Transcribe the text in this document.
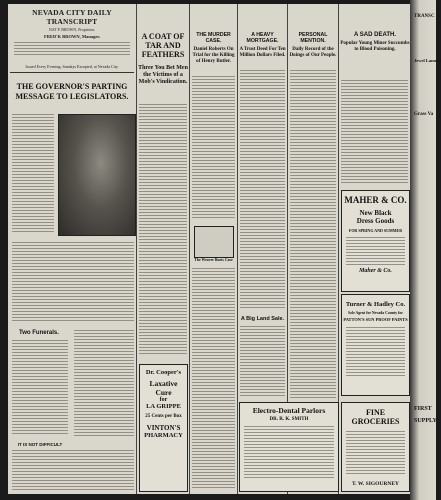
NEVADA CITY DAILY TRANSCRIPT
NAT P. BROWN, Proprietor.
FRED'K BROWN, Manager.
Issued Every Evening, Sundays Excepted, at Nevada City.
THE GOVERNOR'S PARTING MESSAGE TO LEGISLATORS.
Two Funerals.
IT IS NOT DIFFICULT
A COAT OF TAR AND FEATHERS
Three You Bet Men the Victims of a Mob's Vindication.
Dr. Cooper's
Laxative
Cure
for
LA GRIPPE
25 Cents per Box
VINTON'S
PHARMACY
THE MURDER CASE.
Daniel Roberts On Trial for the Killing of Henry Butler.
The Weaver Boots Case
A HEAVY MORTGAGE.
A Trust Deed For Ten Million Dollars Filed.
A Big Land Sale.
PERSONAL MENTION.
Daily Record of the Doings of Our People.
Electro-Dental Parlors
DR. R. K. SMITH
A SAD DEATH.
Popular Young Miner Succumbs to Blood Poisoning.
MAHER & CO.
New Black
Dress Goods
FOR SPRING AND SUMMER
Maher & Co.
Turner & Hadley Co.
Sole Agent for Nevada County for
PATTON'S SUN PROOF PAINTS
FINE GROCERIES
T. W. SIGOURNEY
TRANSC
Jewel Lament
Grass Va
FIRST
SUPPLY
